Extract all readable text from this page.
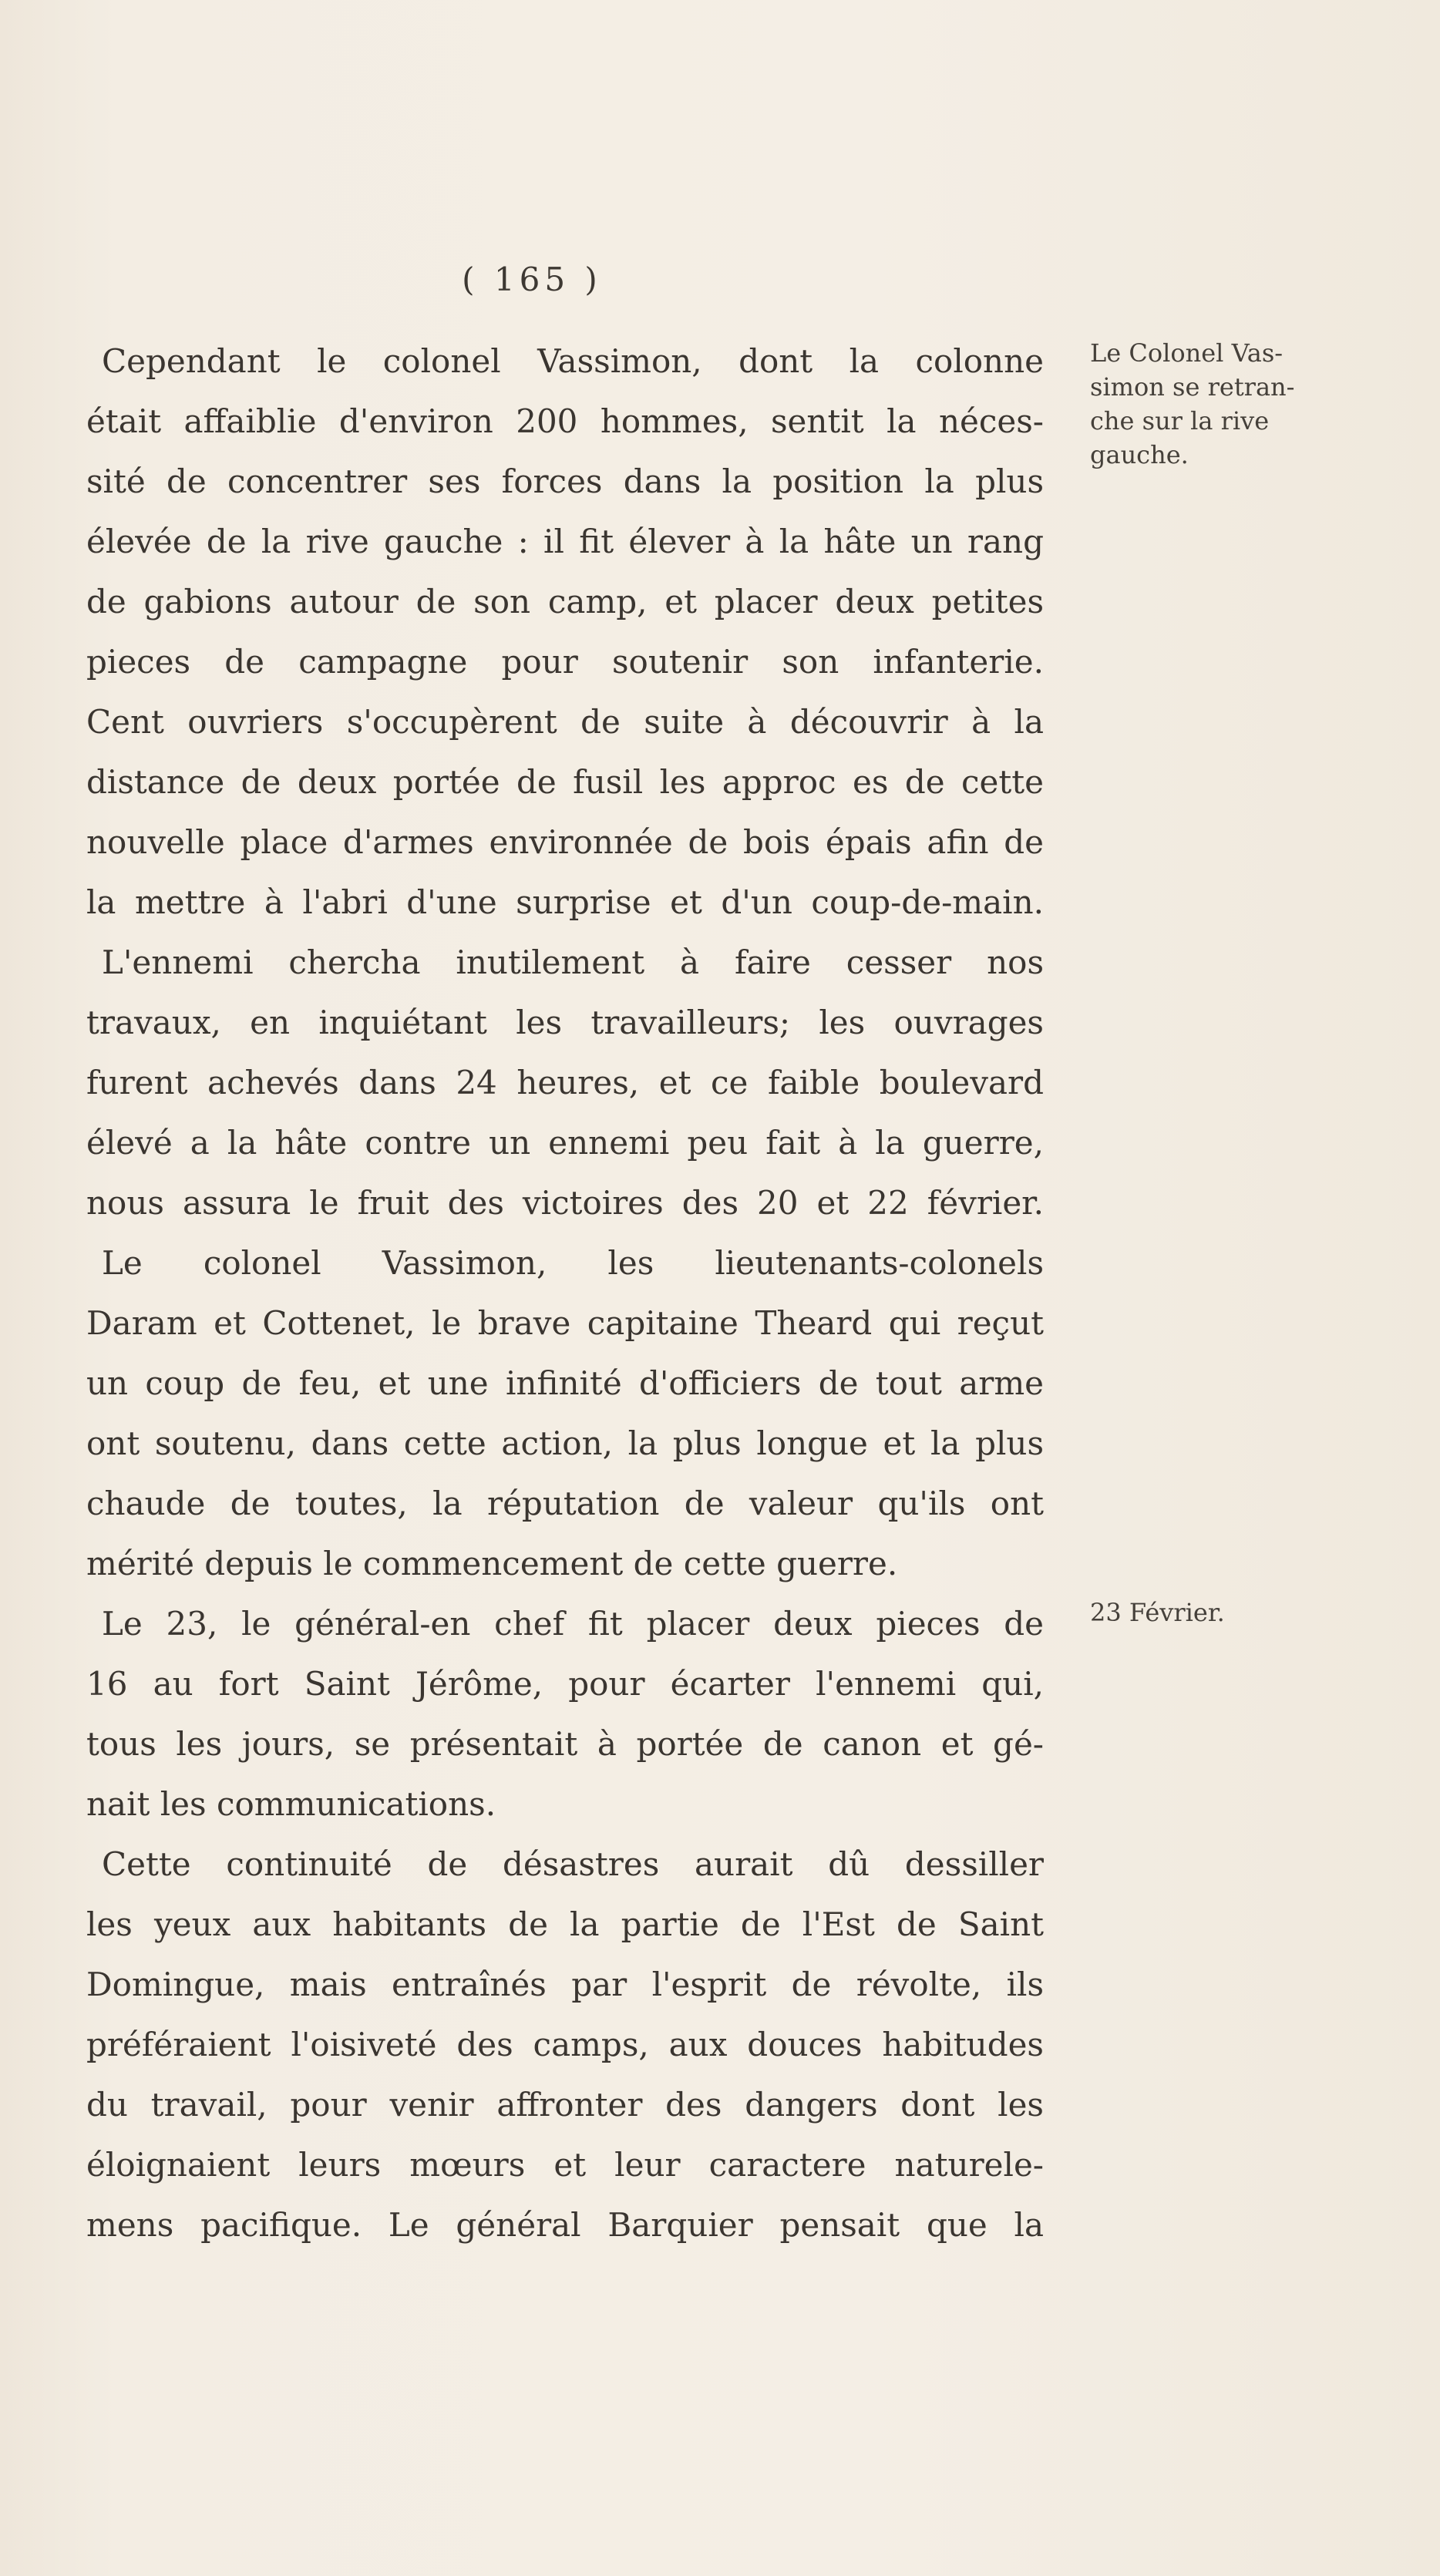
( 165 )
Cependant le colonel Vassimon, dont la colonne
était affaiblie d'environ 200 hommes, sentit la néces-
sité de concentrer ses forces dans la position la plus
élevée de la rive gauche : il fit élever à la hâte un rang
de gabions autour de son camp, et placer deux petites
pieces de campagne pour soutenir son infanterie.
Cent ouvriers s'occupèrent de suite à découvrir à la
distance de deux portée de fusil les approc es de cette
nouvelle place d'armes environnée de bois épais afin de
la mettre à l'abri d'une surprise et d'un coup-de-main.
L'ennemi chercha inutilement à faire cesser nos
travaux, en inquiétant les travailleurs; les ouvrages
furent achevés dans 24 heures, et ce faible boulevard
élevé a la hâte contre un ennemi peu fait à la guerre,
nous assura le fruit des victoires des 20 et 22 février.
Le colonel Vassimon, les lieutenants-colonels
Daram et Cottenet, le brave capitaine Theard qui reçut
un coup de feu, et une infinité d'officiers de tout arme
ont soutenu, dans cette action, la plus longue et la plus
chaude de toutes, la réputation de valeur qu'ils ont
mérité depuis le commencement de cette guerre.
Le 23, le général-en chef fit placer deux pieces de
16 au fort Saint Jérôme, pour écarter l'ennemi qui,
tous les jours, se présentait à portée de canon et gé-
nait les communications.
Cette continuité de désastres aurait dû dessiller
les yeux aux habitants de la partie de l'Est de Saint
Domingue, mais entraînés par l'esprit de révolte, ils
préféraient l'oisiveté des camps, aux douces habitudes
du travail, pour venir affronter des dangers dont les
éloignaient leurs mœurs et leur caractere naturele-
mens pacifique. Le général Barquier pensait que la
Le Colonel Vas-
simon se retran-
che sur la rive
gauche.
23 Février.
